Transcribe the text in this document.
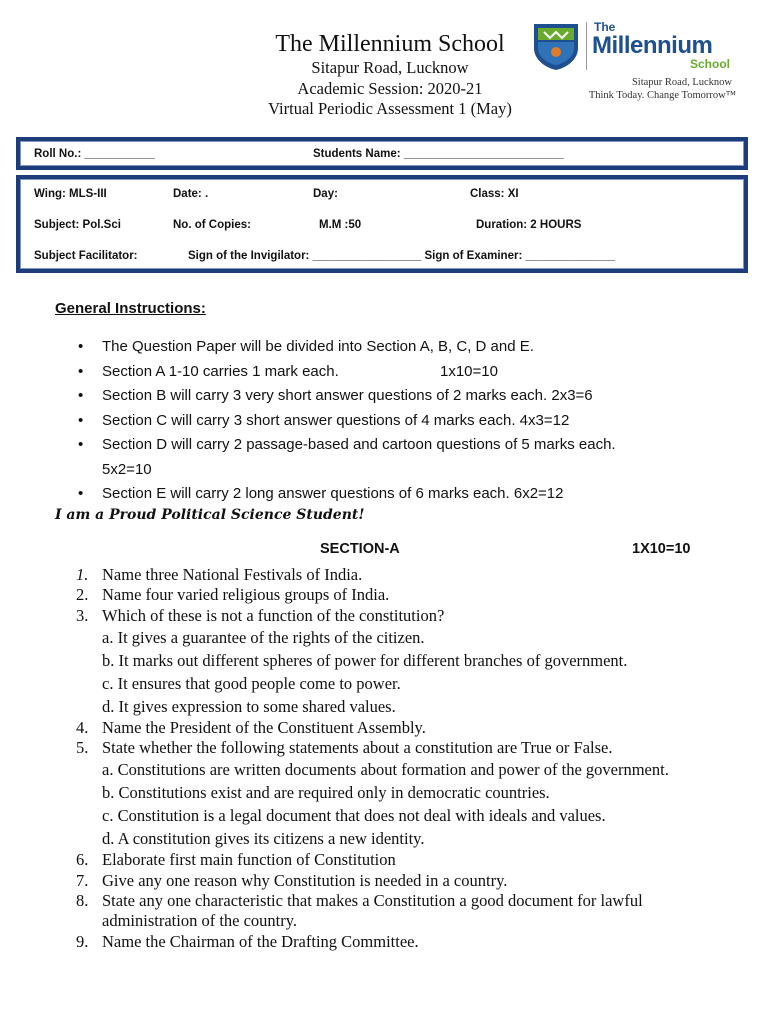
The Millennium School
Sitapur Road, Lucknow
Academic Session: 2020-21
Virtual Periodic Assessment 1 (May)
The
Millennium
School
Sitapur Road, Lucknow
Think Today. Change Tomorrow™
Roll No.: ___________	Students Name: _________________________
Wing: MLS-III	Date: .	Day:	Class: XI
Subject: Pol.Sci	No. of Copies:	M.M :50	Duration: 2 HOURS
Subject Facilitator:	Sign of the Invigilator: _________________ Sign of Examiner: ______________
General Instructions:
• The Question Paper will be divided into Section A, B, C, D and E.
• Section A 1-10 carries 1 mark each.	1x10=10
• Section B will carry 3 very short answer questions of 2 marks each. 2x3=6
• Section C will carry 3 short answer questions of 4 marks each. 4x3=12
• Section D will carry 2 passage-based and cartoon questions of 5 marks each.
5x2=10
• Section E will carry 2 long answer questions of 6 marks each. 6x2=12
I am a Proud Political Science Student!
SECTION-A	1X10=10
1. Name three National Festivals of India.
2. Name four varied religious groups of India.
3. Which of these is not a function of the constitution?
a. It gives a guarantee of the rights of the citizen.
b. It marks out different spheres of power for different branches of government.
c. It ensures that good people come to power.
d. It gives expression to some shared values.
4. Name the President of the Constituent Assembly.
5. State whether the following statements about a constitution are True or False.
a. Constitutions are written documents about formation and power of the government.
b. Constitutions exist and are required only in democratic countries.
c. Constitution is a legal document that does not deal with ideals and values.
d. A constitution gives its citizens a new identity.
6. Elaborate first main function of Constitution
7. Give any one reason why Constitution is needed in a country.
8. State any one characteristic that makes a Constitution a good document for lawful administration of the country.
9. Name the Chairman of the Drafting Committee.
